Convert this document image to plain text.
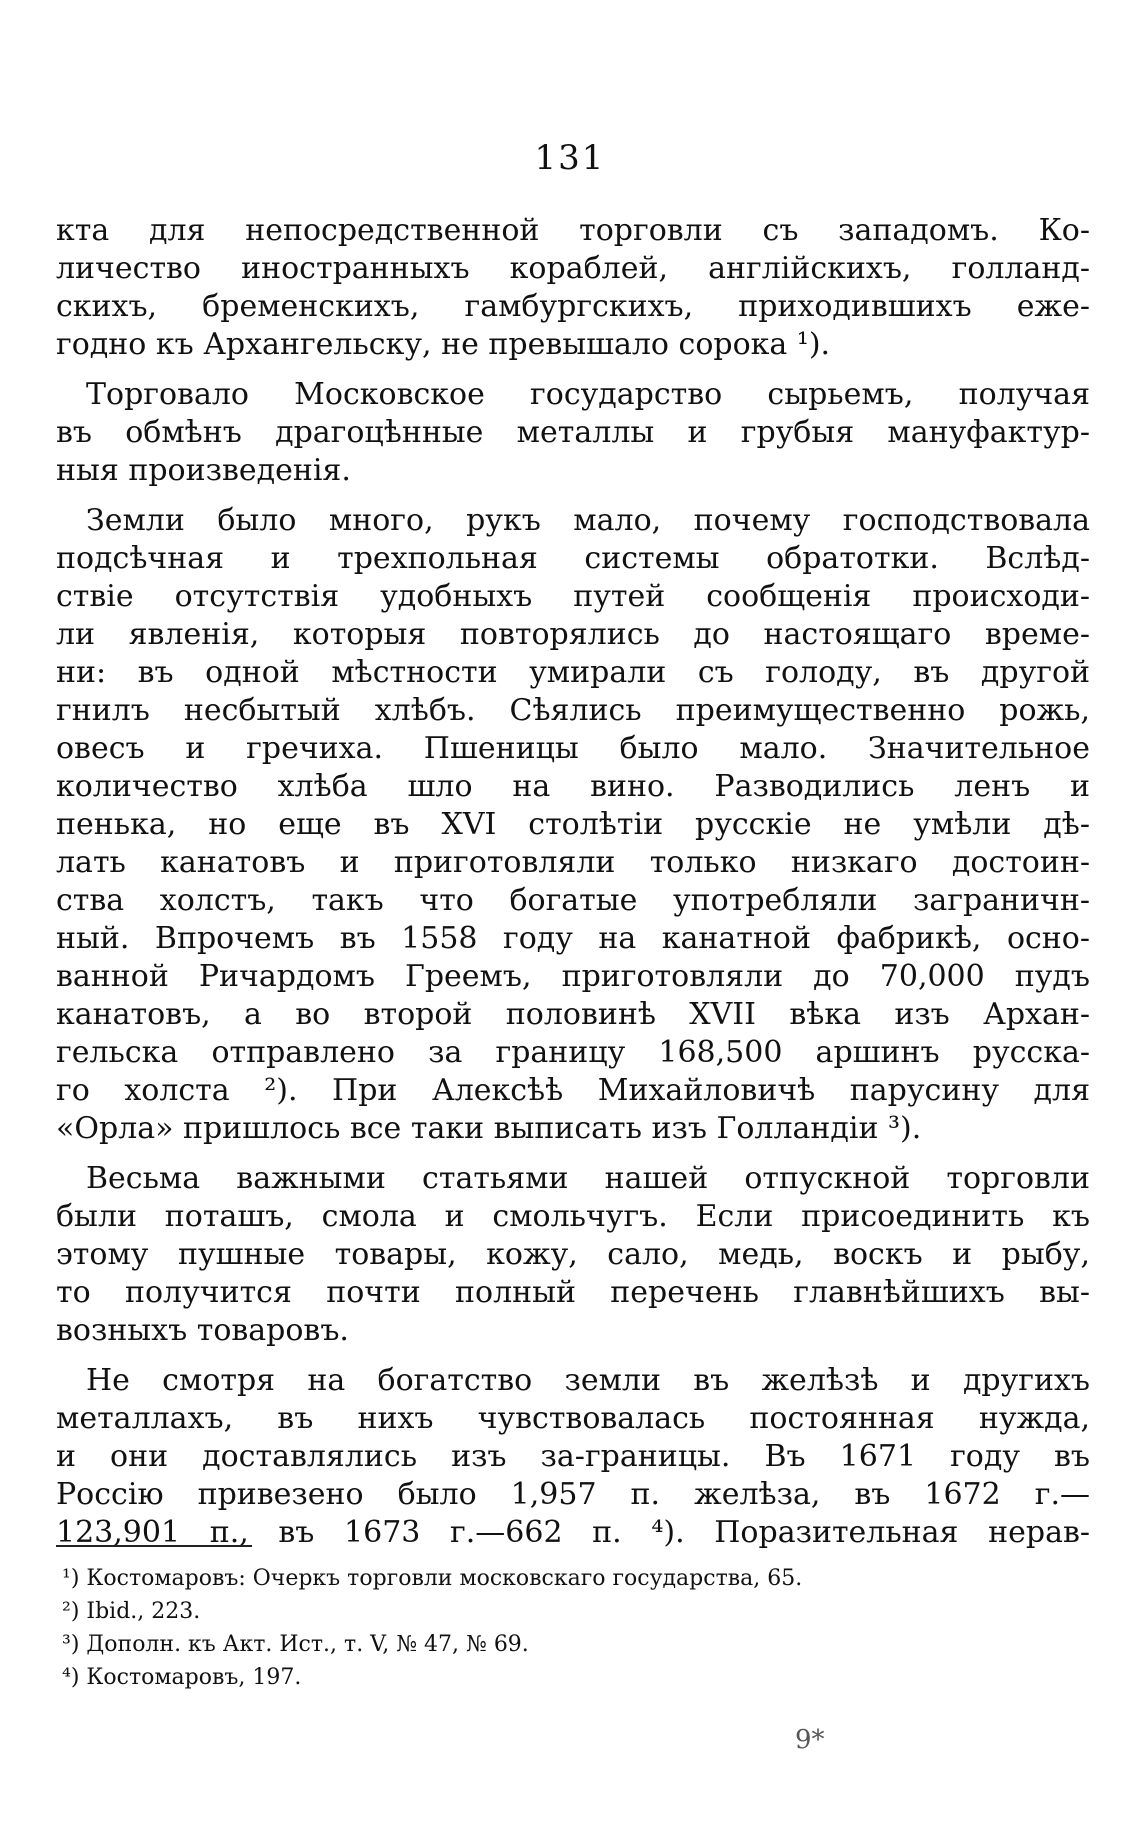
131

кта для непосредственной торговли съ западомъ. Ко-
личество иностранныхъ кораблей, англійскихъ, голланд-
скихъ, бременскихъ, гамбургскихъ, приходившихъ еже-
годно къ Архангельску, не превышало сорока ¹).

Торговало Московское государство сырьемъ, получая
въ обмѣнъ драгоцѣнные металлы и грубыя мануфактур-
ныя произведенія.

Земли было много, рукъ мало, почему господствовала
подсѣчная и трехпольная системы обратотки. Вслѣд-
ствіе отсутствія удобныхъ путей сообщенія происходи-
ли явленія, которыя повторялись до настоящаго време-
ни: въ одной мѣстности умирали съ голоду, въ другой
гнилъ несбытый хлѣбъ. Сѣялись преимущественно рожь,
овесъ и гречиха. Пшеницы было мало. Значительное
количество хлѣба шло на вино. Разводились ленъ и
пенька, но еще въ XVI столѣтіи русскіе не умѣли дѣ-
лать канатовъ и приготовляли только низкаго достоин-
ства холстъ, такъ что богатые употребляли заграничн-
ный. Впрочемъ въ 1558 году на канатной фабрикѣ, осно-
ванной Ричардомъ Греемъ, приготовляли до 70,000 пудъ
канатовъ, а во второй половинѣ XVII вѣка изъ Архан-
гельска отправлено за границу 168,500 аршинъ русска-
го холста ²). При Алексѣѣ Михайловичѣ парусину для
«Орла» пришлось все таки выписать изъ Голландіи ³).

Весьма важными статьями нашей отпускной торговли
были поташъ, смола и смольчугъ. Если присоединить къ
этому пушные товары, кожу, сало, медь, воскъ и рыбу,
то получится почти полный перечень главнѣйшихъ вы-
возныхъ товаровъ.

Не смотря на богатство земли въ желѣзѣ и другихъ
металлахъ, въ нихъ чувствовалась постоянная нужда,
и они доставлялись изъ за-границы. Въ 1671 году въ
Россію привезено было 1,957 п. желѣза, въ 1672 г.—
123,901 п., въ 1673 г.—662 п. ⁴). Поразительная нерав-

¹) Костомаровъ: Очеркъ торговли московскаго государства, 65.
²) Ibid., 223.
³) Дополн. къ Акт. Ист., т. V, № 47, № 69.
⁴) Костомаровъ, 197.
9*
